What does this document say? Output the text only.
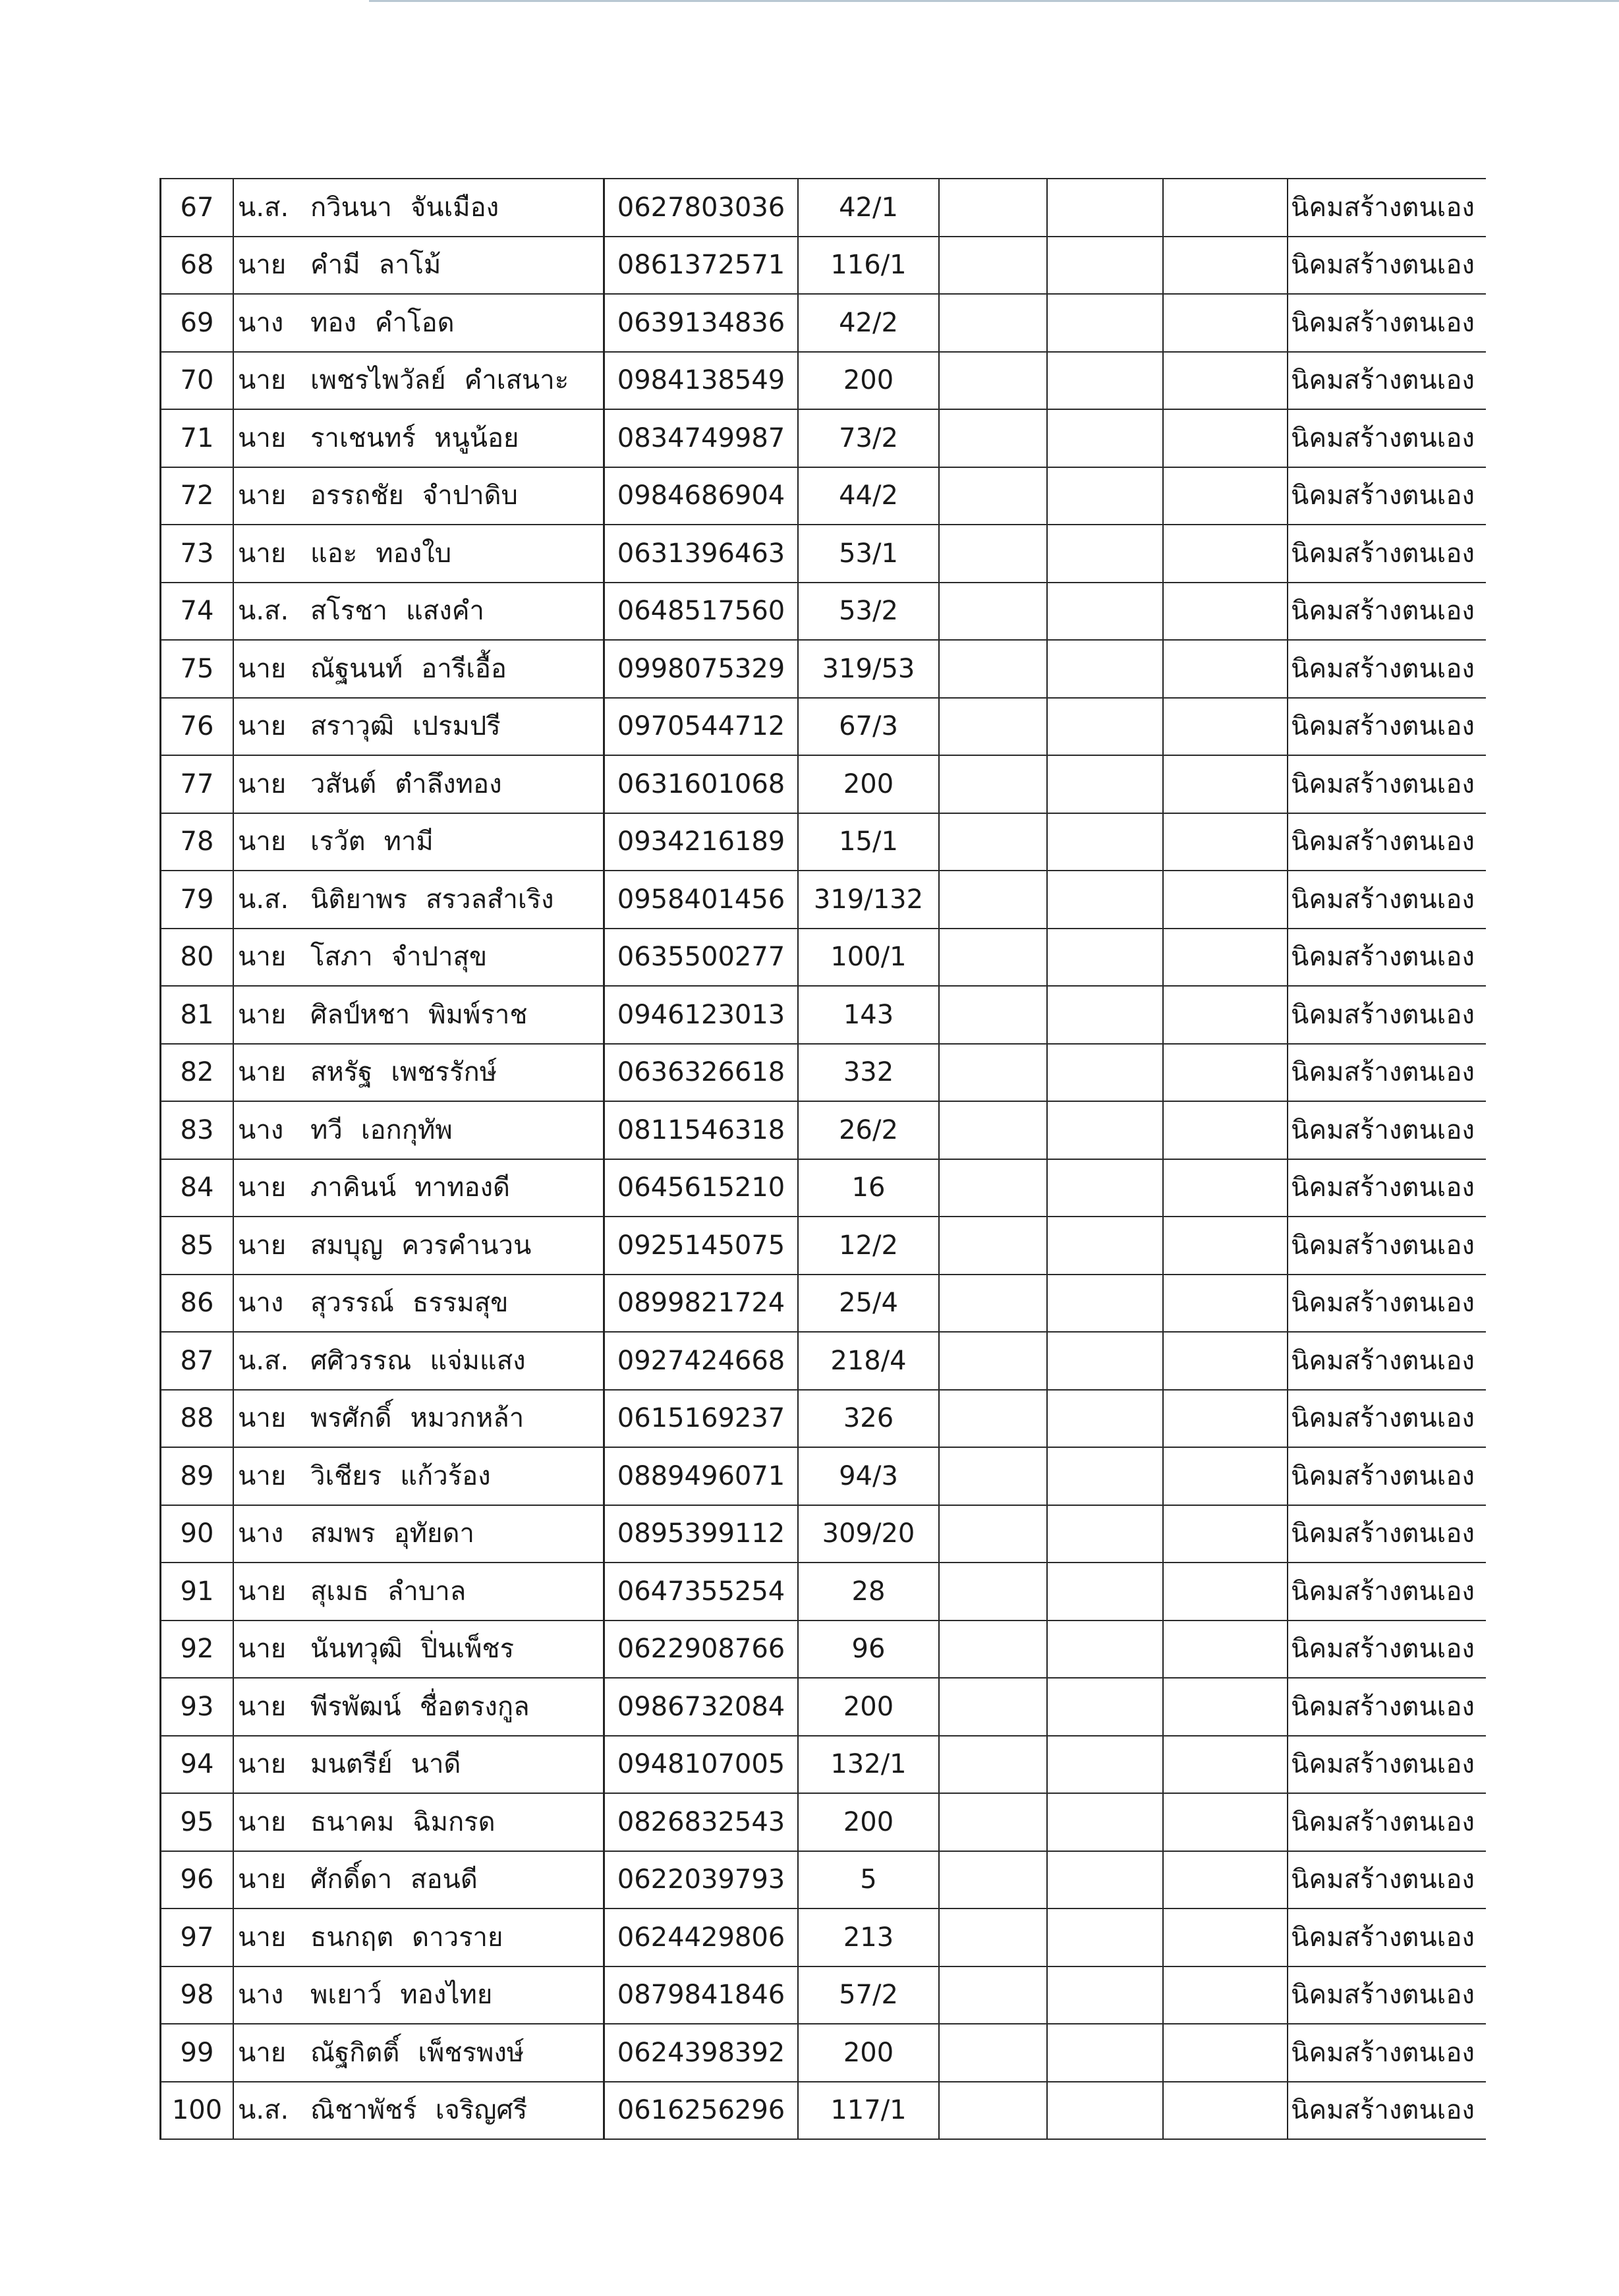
67	น.ส. กวินนา จันเมือง	0627803036	42/1				นิคมสร้างตนเอง
68	นาย คำมี ลาโม้	0861372571	116/1				นิคมสร้างตนเอง
69	นาง ทอง คำโอด	0639134836	42/2				นิคมสร้างตนเอง
70	นาย เพชรไพวัลย์ คำเสนาะ	0984138549	200				นิคมสร้างตนเอง
71	นาย ราเชนทร์ หนูน้อย	0834749987	73/2				นิคมสร้างตนเอง
72	นาย อรรถชัย จำปาดิบ	0984686904	44/2				นิคมสร้างตนเอง
73	นาย แอะ ทองใบ	0631396463	53/1				นิคมสร้างตนเอง
74	น.ส. สโรชา แสงคำ	0648517560	53/2				นิคมสร้างตนเอง
75	นาย ณัฐนนท์ อารีเอื้อ	0998075329	319/53				นิคมสร้างตนเอง
76	นาย สราวุฒิ เปรมปรี	0970544712	67/3				นิคมสร้างตนเอง
77	นาย วสันต์ ตำลึงทอง	0631601068	200				นิคมสร้างตนเอง
78	นาย เรวัต ทามี	0934216189	15/1				นิคมสร้างตนเอง
79	น.ส. นิติยาพร สรวลสำเริง	0958401456	319/132				นิคมสร้างตนเอง
80	นาย โสภา จำปาสุข	0635500277	100/1				นิคมสร้างตนเอง
81	นาย ศิลป์หชา พิมพ์ราช	0946123013	143				นิคมสร้างตนเอง
82	นาย สหรัฐ เพชรรักษ์	0636326618	332				นิคมสร้างตนเอง
83	นาง ทวี เอกกุทัพ	0811546318	26/2				นิคมสร้างตนเอง
84	นาย ภาคินน์ ทาทองดี	0645615210	16				นิคมสร้างตนเอง
85	นาย สมบุญ ควรคำนวน	0925145075	12/2				นิคมสร้างตนเอง
86	นาง สุวรรณ์ ธรรมสุข	0899821724	25/4				นิคมสร้างตนเอง
87	น.ส. ศศิวรรณ แจ่มแสง	0927424668	218/4				นิคมสร้างตนเอง
88	นาย พรศักดิ์ หมวกหล้า	0615169237	326				นิคมสร้างตนเอง
89	นาย วิเชียร แก้วร้อง	0889496071	94/3				นิคมสร้างตนเอง
90	นาง สมพร อุทัยดา	0895399112	309/20				นิคมสร้างตนเอง
91	นาย สุเมธ ลำบาล	0647355254	28				นิคมสร้างตนเอง
92	นาย นันทวุฒิ ปิ่นเพ็ชร	0622908766	96				นิคมสร้างตนเอง
93	นาย พีรพัฒน์ ชื่อตรงกูล	0986732084	200				นิคมสร้างตนเอง
94	นาย มนตรีย์ นาดี	0948107005	132/1				นิคมสร้างตนเอง
95	นาย ธนาคม ฉิมกรด	0826832543	200				นิคมสร้างตนเอง
96	นาย ศักดิ์ดา สอนดี	0622039793	5				นิคมสร้างตนเอง
97	นาย ธนกฤต ดาวราย	0624429806	213				นิคมสร้างตนเอง
98	นาง พเยาว์ ทองไทย	0879841846	57/2				นิคมสร้างตนเอง
99	นาย ณัฐกิตติ์ เพ็ชรพงษ์	0624398392	200				นิคมสร้างตนเอง
100	น.ส. ณิชาพัชร์ เจริญศรี	0616256296	117/1				นิคมสร้างตนเอง
